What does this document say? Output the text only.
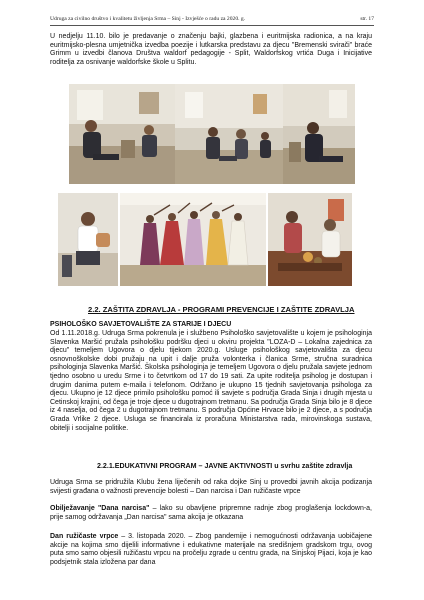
Udruga za civilno društvo i kvalitetu življenja Srma – Sinj - Izvješće o radu za 2020. g.	str. 17
U nedjelju 11.10. bilo je predavanje o značenju bajki, glazbena i euritmijska radionica, a na kraju euritmijsko-plesna umjetnička izvedba poezije i lutkarska predstavu za djecu "Bremenski svirači" braće Grimm u izvedbi članova Društva waldorf pedagogije - Split, Waldorfskog vrtića Duga i Inicijative roditelja za osnivanje waldorfske škole u Splitu.
2.2. ZAŠTITA ZDRAVLJA - PROGRAMI PREVENCIJE I ZAŠTITE ZDRAVLJA
PSIHOLOŠKO SAVJETOVALIŠTE ZA STARIJE I DJECU
Od 1.11.2018.g. Udruga Srma pokrenula je i službeno Psihološko savjetovalište u kojem je psihologinja Slavenka Maršić pružala psihološku podršku djeci u okviru projekta "LOZA-D – Lokalna zajednica za djecu" temeljem Ugovora o djelu tijekom 2020.g. Usluge psihološkog savjetovališta za djecu osnovnoškolske dobi pružaju na upit i dalje pruža volonterka i članica Srme, stručna suradnica psihologinja Slavenka Maršić. Školska psihologinja je temeljem Ugovora o djelu pružala savjete jednom tjedno osobno u uredu Srme i to četvrtkom od 17 do 19 sati. Za upite roditelja psiholog je dostupan i drugim danima putem e-maila i telefonom. Održano je ukupno 15 tjednih savjetovanja psihologa za djecu. Ukupno je 12 djece primilo psihološku pomoć ili savjete s područja Grada Sinja i drugih mjesta u Cetinskoj krajini, od čega je troje djece u dugotrajnom tretmanu. Sa područja Grada Sinja bilo je 8 djece iz 4 naselja, od čega 2 u dugotrajnom tretmanu. S područja Općine Hrvace bilo je 2 djece, a s područja Grada Vrlike 2 djece. Usluga se financirala iz proračuna Ministarstva rada, mirovinskoga sustava, obitelji i socijalne politike.
2.2.1.EDUKATIVNI PROGRAM – JAVNE AKTIVNOSTI u svrhu zaštite zdravlja
Udruga Srma se pridružila Klubu žena liječenih od raka dojke Sinj u provedbi javnih akcija podizanja svijesti građana o važnosti prevencije bolesti – Dan narcisa i Dan ružičaste vrpce
Obilježavanje "Dana narcisa" – lako su obavljene pripremne radnje zbog proglašenja lockdown-a, prije samog održavanja „Dan narcisa" sama akcija je otkazana
Dan ružičaste vrpce – 3. listopada 2020. – Zbog pandemije i nemogućnosti održavanja uobičajene akcije na kojima smo dijelili informativne i edukativne materijale na središnjem gradskom trgu, ovog puta smo samo objesili ružičastu vrpcu na pročelju zgrade u centru grada, na Sinjskoj Pijaci, koja je kao podsjetnik stala izložena par dana
